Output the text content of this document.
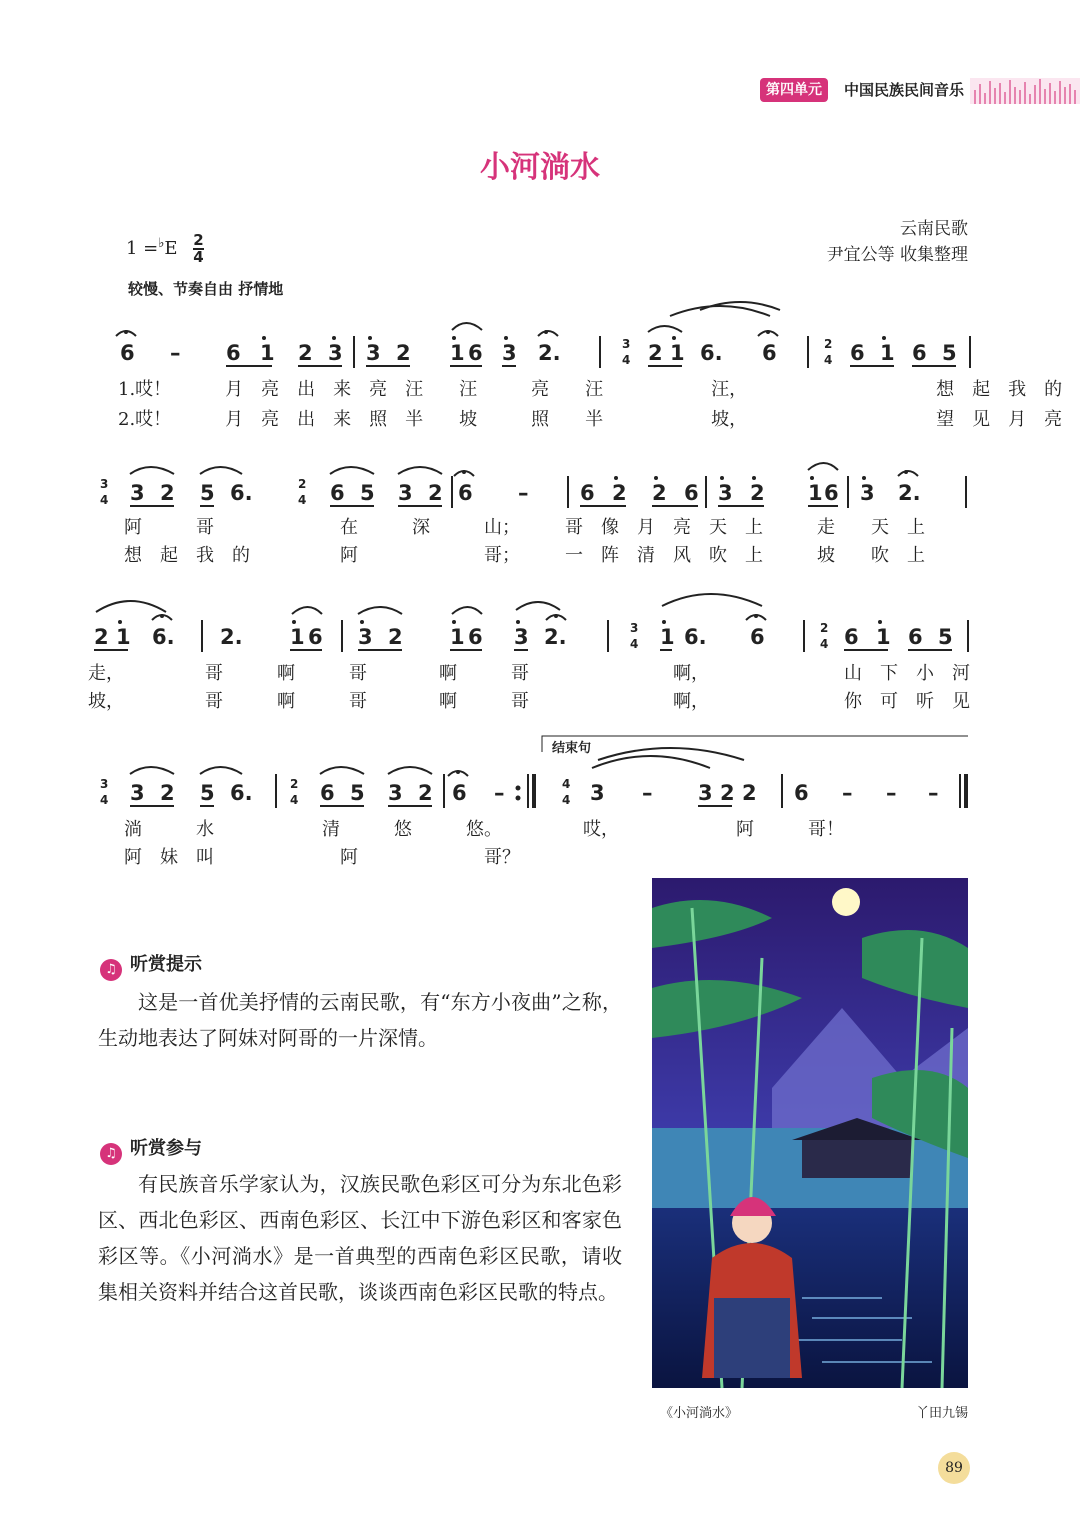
第四单元	中国民族民间音乐
小河淌水
$1 =^♭E \frac{2}{4}$
云南民歌
尹宜公等 收集整理
较慢、节奏自由 抒情地
6 – 6 1 2 3 3 2 1 6 3 2.	2 1 6. 6	6 1 6 5
3
4
2
4
1.哎！　　　月　亮　出　来　亮　汪　　汪　　　亮　　汪　　　　　　汪，　　　　　　　　　　　想　起　我　的
2.哎！　　　月　亮　出　来　照　半　　坡　　　照　　半　　　　　　坡，　　　　　　　　　　　望　见　月　亮
3 2 5 6.	6 5 3 2 6 – 6 2 2 6 3 2 1 6 3 2.
3
4
2
4
阿　　　哥　　　　　　　在　　　深　　　山；　　　哥　像　月　亮　天　上　　　走　　天　上
想　起　我　的　　　　　阿　　　　　　　哥；　　　一　阵　清　风　吹　上　　　坡　　吹　上
2 1 6. 2. 1 6 3 2 1 6 3 2.	1 6. 6	6 1 6 5
3
4
2
4
走，　　　　　哥　　　啊　　　哥　　　　啊　　　哥　　　　　　　　啊，　　　　　　　　山　下　小　河
坡，　　　　　哥　　　啊　　　哥　　　　啊　　　哥　　　　　　　　啊，　　　　　　　　你　可　听　见
结束句
3 2 5 6.	6 5 3 2 6 –	3 – 3 2 2 6 – – –
3
4
2
4
4
4
淌　　　水　　　　　　清　　　悠　　　悠。　　　　　哎，　　　　　　　阿　　　哥！
阿　妹　叫　　　　　　　阿　　　　　　　哥？
♫ 听赏提示
这是一首优美抒情的云南民歌，有“东方小夜曲”之称，生动地表达了阿妹对阿哥的一片深情。
♫ 听赏参与
有民族音乐学家认为，汉族民歌色彩区可分为东北色彩区、西北色彩区、西南色彩区、长江中下游色彩区和客家色彩区等。《小河淌水》是一首典型的西南色彩区民歌，请收集相关资料并结合这首民歌，谈谈西南色彩区民歌的特点。
《小河淌水》	丫田九锡
89
